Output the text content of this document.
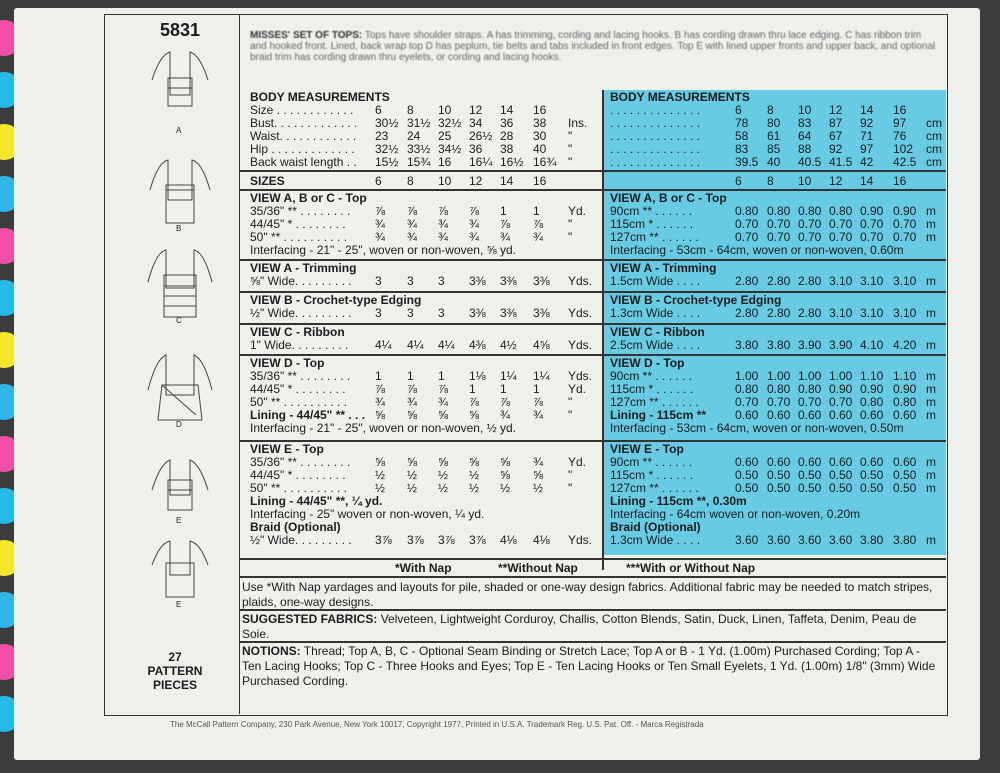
5831
A
B
C
D
E
E
27
PATTERN PIECES
MISSES' SET OF TOPS: Tops have shoulder straps. A has trimming, cording and lacing hooks. B has cording drawn thru lace edging. C has ribbon trim and hooked front. Lined, back wrap top D has peplum, tie belts and tabs included in front edges. Top E with lined upper fronts and upper back, and optional braid trim has cording drawn thru eyelets, or cording and lacing hooks.
BODY MEASUREMENTS
Size . . . . . . . . . . . . 6 8 10 12 14 16
Bust. . . . . . . . . . . . . 30½ 31½ 32½ 34 36 38 Ins.
Waist. . . . . . . . . . . . 23 24 25 26½ 28 30 "
Hip . . . . . . . . . . . . . 32½ 33½ 34½ 36 38 40 "
Back waist length . . 15½ 15¾ 16 16¼ 16½ 16¾ "
SIZES	6 8 10 12 14 16
BODY MEASUREMENTS
. . . . . . . . . . . . . .	6 8 10 12 14 16
. . . . . . . . . . . . . .	78 80 83 87 92 97 cm
. . . . . . . . . . . . . .	58 61 64 67 71 76 cm
. . . . . . . . . . . . . .	83 85 88 92 97 102 cm
. . . . . . . . . . . . . .	39.5 40 40.5 41.5 42 42.5 cm
6 8 10 12 14 16
VIEW A, B or C - Top
35/36" ** . . . . . . . . ⅞ ⅞ ⅞ ⅞ 1 1 Yd.
44/45" * . . . . . . . . ¾ ¾ ¾ ¾ ⅞ ⅞ "
50" ** . . . . . . . . . . ¾ ¾ ¾ ¾ ¾ ¾ "
Interfacing - 21" - 25", woven or non-woven, ⅝ yd.
VIEW A - Trimming
⅝" Wide. . . . . . . . . 3 3 3 3⅜ 3⅜ 3⅜ Yds.
VIEW B - Crochet-type Edging
½" Wide. . . . . . . . . 3 3 3 3⅜ 3⅜ 3⅜ Yds.
VIEW C - Ribbon
1" Wide. . . . . . . . . 4¼ 4¼ 4¼ 4⅜ 4½ 4⅝ Yds.
VIEW D - Top
35/36" ** . . . . . . . . 1 1 1 1⅛ 1¼ 1¼ Yds.
44/45" * . . . . . . . . ⅞ ⅞ ⅞ 1 1 1 Yd.
50" ** . . . . . . . . . . ¾ ¾ ¾ ⅞ ⅞ ⅞ "
Lining - 44/45" ** . . . ⅝ ⅝ ⅝ ⅝ ¾ ¾ "
Interfacing - 21" - 25", woven or non-woven, ½ yd.
VIEW E - Top
35/36" ** . . . . . . . . ⅝ ⅝ ⅝ ⅝ ⅝ ¾ Yd.
44/45" * . . . . . . . . ½ ½ ½ ½ ⅝ ⅝ "
50" ** . . . . . . . . . . ½ ½ ½ ½ ½ ½ "
Lining - 44/45" **, ¼ yd.
Interfacing - 25" woven or non-woven, ¼ yd.
Braid (Optional)
½" Wide. . . . . . . . . 3⅞ 3⅞ 3⅞ 3⅞ 4⅛ 4⅛ Yds.
VIEW A, B or C - Top
90cm ** . . . . . .	0.80 0.80 0.80 0.80 0.90 0.90 m
115cm * . . . . . .	0.70 0.70 0.70 0.70 0.70 0.70 m
127cm ** . . . . . .	0.70 0.70 0.70 0.70 0.70 0.70 m
Interfacing - 53cm - 64cm, woven or non-woven, 0.60m
VIEW A - Trimming
1.5cm Wide . . . .	2.80 2.80 2.80 3.10 3.10 3.10 m
VIEW B - Crochet-type Edging
1.3cm Wide . . . .	2.80 2.80 2.80 3.10 3.10 3.10 m
VIEW C - Ribbon
2.5cm Wide . . . .	3.80 3.80 3.90 3.90 4.10 4.20 m
VIEW D - Top
90cm ** . . . . . .	1.00 1.00 1.00 1.00 1.10 1.10 m
115cm * . . . . . .	0.80 0.80 0.80 0.90 0.90 0.90 m
127cm ** . . . . . .	0.70 0.70 0.70 0.70 0.80 0.80 m
Lining - 115cm ** 0.60 0.60 0.60 0.60 0.60 0.60 m
Interfacing - 53cm - 64cm, woven or non-woven, 0.50m
VIEW E - Top
90cm ** . . . . . .	0.60 0.60 0.60 0.60 0.60 0.60 m
115cm * . . . . . .	0.50 0.50 0.50 0.50 0.50 0.50 m
127cm ** . . . . . .	0.50 0.50 0.50 0.50 0.50 0.50 m
Lining - 115cm **, 0.30m
Interfacing - 64cm woven or non-woven, 0.20m
Braid (Optional)
1.3cm Wide . . . .	3.60 3.60 3.60 3.60 3.80 3.80 m
*With Nap	**Without Nap	***With or Without Nap
Use *With Nap yardages and layouts for pile, shaded or one-way design fabrics. Additional fabric may be needed to match stripes, plaids, one-way designs.
SUGGESTED FABRICS: Velveteen, Lightweight Corduroy, Challis, Cotton Blends, Satin, Duck, Linen, Taffeta, Denim, Peau de Soie.
NOTIONS: Thread; Top A, B, C - Optional Seam Binding or Stretch Lace; Top A or B - 1 Yd. (1.00m) Purchased Cording; Top A - Ten Lacing Hooks; Top C - Three Hooks and Eyes; Top E - Ten Lacing Hooks or Ten Small Eyelets, 1 Yd. (1.00m) 1/8" (3mm) Wide Purchased Cording.
The McCall Pattern Company, 230 Park Avenue, New York 10017, Copyright 1977, Printed in U.S.A. Trademark Reg. U.S. Pat. Off. - Marca Registrada
